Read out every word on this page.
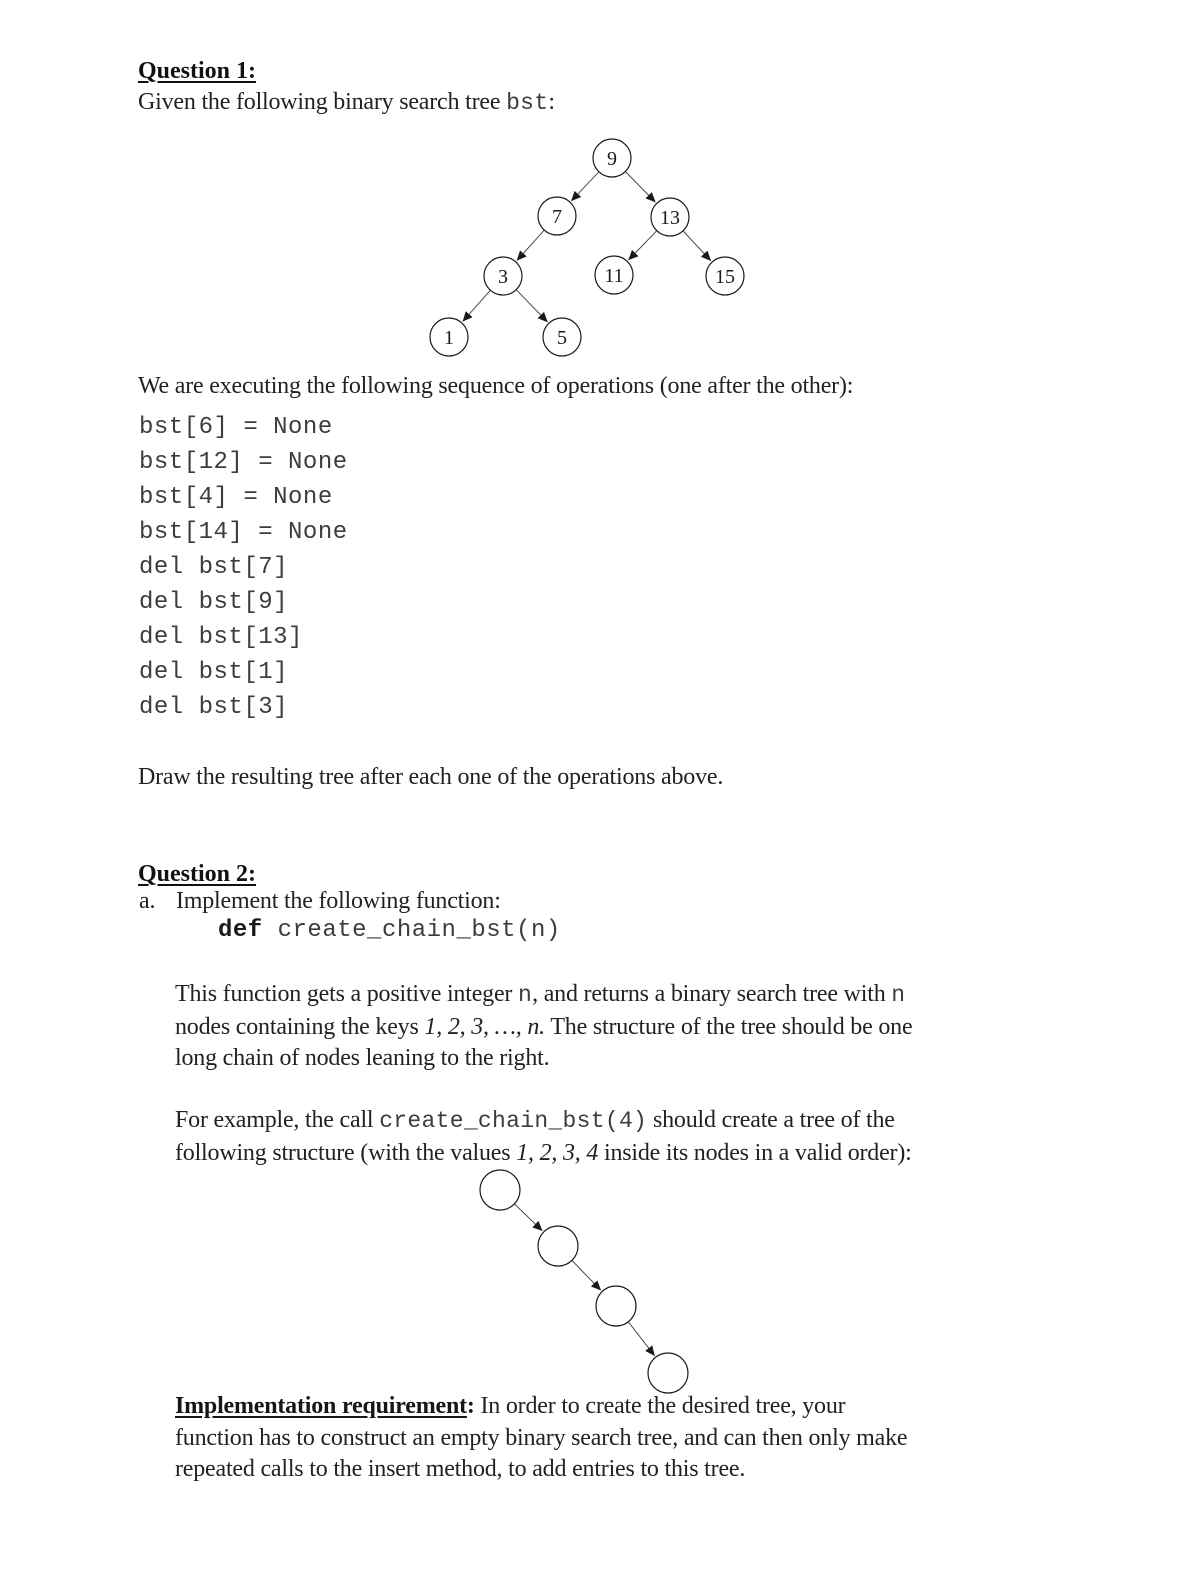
Question 1:
Given the following binary search tree bst:
9
7	13
3	11	15
1	5
We are executing the following sequence of operations (one after the other):
bst[6] = None
bst[12] = None
bst[4] = None
bst[14] = None
del bst[7]
del bst[9]
del bst[13]
del bst[1]
del bst[3]
Draw the resulting tree after each one of the operations above.
Question 2:
a. Implement the following function:
def create_chain_bst(n)
This function gets a positive integer n, and returns a binary search tree with n
nodes containing the keys 1, 2, 3, …, n. The structure of the tree should be one
long chain of nodes leaning to the right.
For example, the call create_chain_bst(4) should create a tree of the
following structure (with the values 1, 2, 3, 4 inside its nodes in a valid order):
Implementation requirement: In order to create the desired tree, your
function has to construct an empty binary search tree, and can then only make
repeated calls to the insert method, to add entries to this tree.
